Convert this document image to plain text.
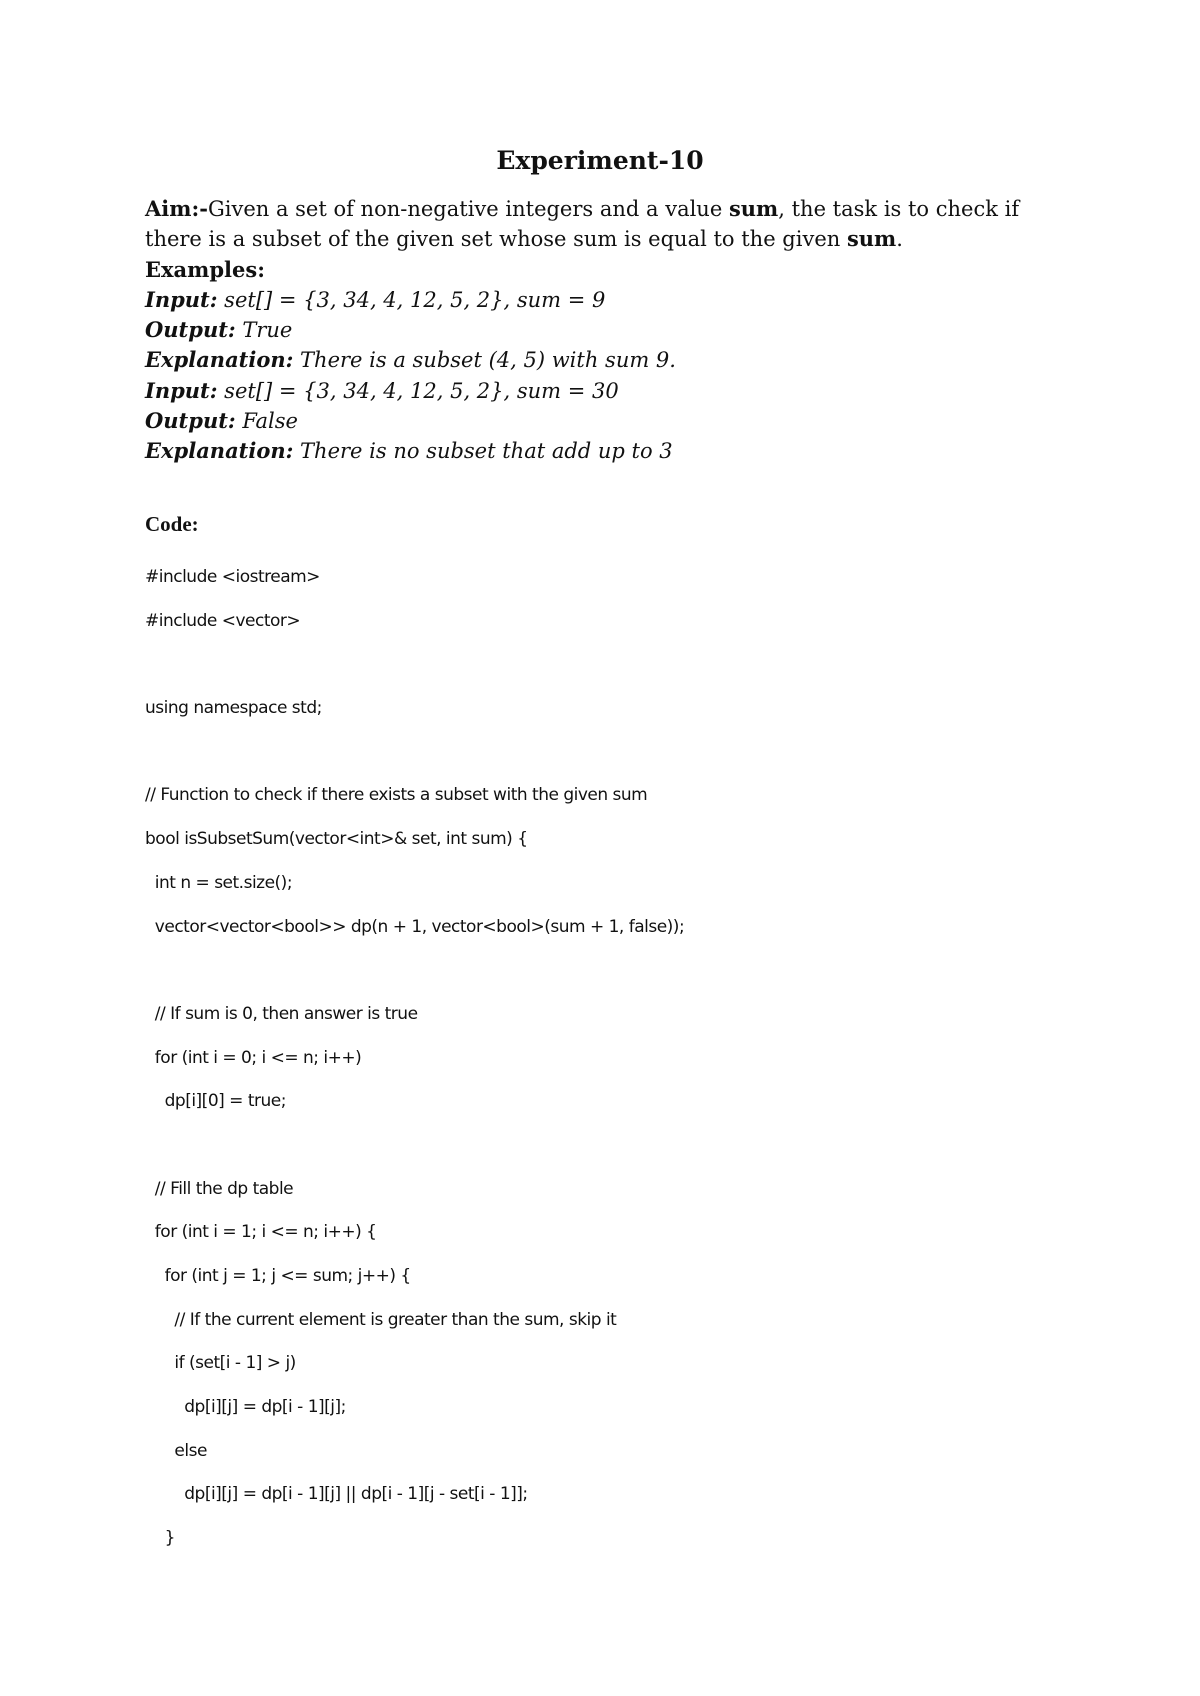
Experiment-10
Aim:-Given a set of non-negative integers and a value sum, the task is to check if
there is a subset of the given set whose sum is equal to the given sum.
Examples:
Input: set[] = {3, 34, 4, 12, 5, 2}, sum = 9
Output: True
Explanation: There is a subset (4, 5) with sum 9.
Input: set[] = {3, 34, 4, 12, 5, 2}, sum = 30
Output: False
Explanation: There is no subset that add up to 3
Code:
#include <iostream>
#include <vector>
using namespace std;
// Function to check if there exists a subset with the given sum
bool isSubsetSum(vector<int>& set, int sum) {
int n = set.size();
vector<vector<bool>> dp(n + 1, vector<bool>(sum + 1, false));
// If sum is 0, then answer is true
for (int i = 0; i <= n; i++)
dp[i][0] = true;
// Fill the dp table
for (int i = 1; i <= n; i++) {
for (int j = 1; j <= sum; j++) {
// If the current element is greater than the sum, skip it
if (set[i - 1] > j)
dp[i][j] = dp[i - 1][j];
else
dp[i][j] = dp[i - 1][j] || dp[i - 1][j - set[i - 1]];
}
